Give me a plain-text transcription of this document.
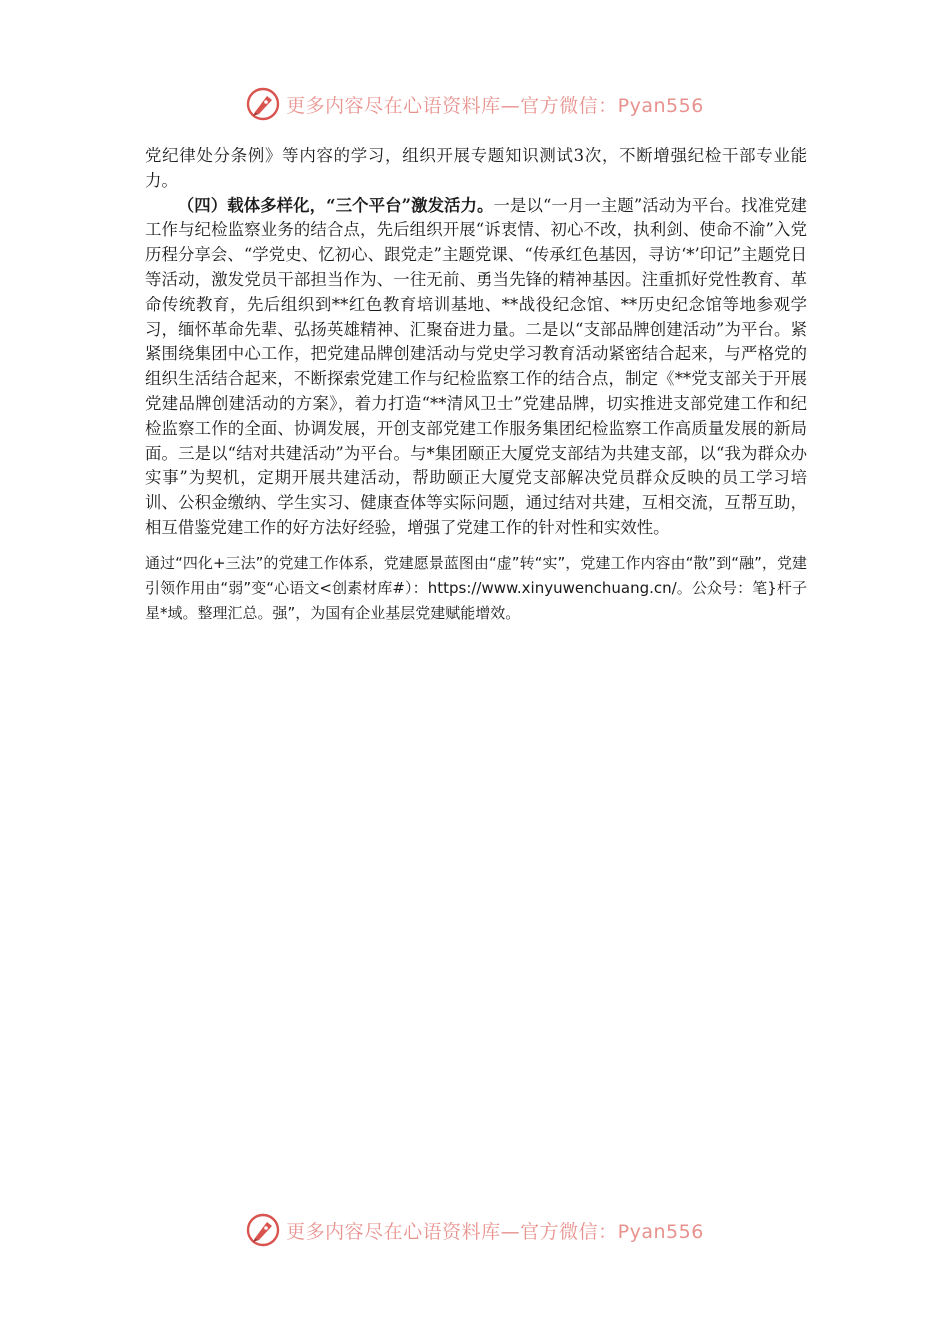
更多内容尽在心语资料库—官方微信：Pyan556

党纪律处分条例》等内容的学习，组织开展专题知识测试3次，不断增强纪检干部专业能力。

（四）载体多样化，“三个平台”激发活力。一是以“一月一主题”活动为平台。找准党建工作与纪检监察业务的结合点，先后组织开展“诉衷情、初心不改，执利剑、使命不渝”入党历程分享会、“学党史、忆初心、跟党走”主题党课、“传承红色基因，寻访‘*’印记”主题党日等活动，激发党员干部担当作为、一往无前、勇当先锋的精神基因。注重抓好党性教育、革命传统教育，先后组织到**红色教育培训基地、**战役纪念馆、**历史纪念馆等地参观学习，缅怀革命先辈、弘扬英雄精神、汇聚奋进力量。二是以“支部品牌创建活动”为平台。紧紧围绕集团中心工作，把党建品牌创建活动与党史学习教育活动紧密结合起来，与严格党的组织生活结合起来，不断探索党建工作与纪检监察工作的结合点，制定《**党支部关于开展党建品牌创建活动的方案》，着力打造“**清风卫士”党建品牌，切实推进支部党建工作和纪检监察工作的全面、协调发展，开创支部党建工作服务集团纪检监察工作高质量发展的新局面。三是以“结对共建活动”为平台。与*集团颐正大厦党支部结为共建支部，以“我为群众办实事”为契机，定期开展共建活动，帮助颐正大厦党支部解决党员群众反映的员工学习培训、公积金缴纳、学生实习、健康查体等实际问题，通过结对共建，互相交流，互帮互助，相互借鉴党建工作的好方法好经验，增强了党建工作的针对性和实效性。

通过“四化+三法”的党建工作体系，党建愿景蓝图由“虚”转“实”，党建工作内容由“散”到“融”，党建引领作用由“弱”变“心语文<创素材库#）：https://www.xinyuwenchuang.cn/。公众号：笔}杆子星*域。整理汇总。强”，为国有企业基层党建赋能增效。

更多内容尽在心语资料库—官方微信：Pyan556
